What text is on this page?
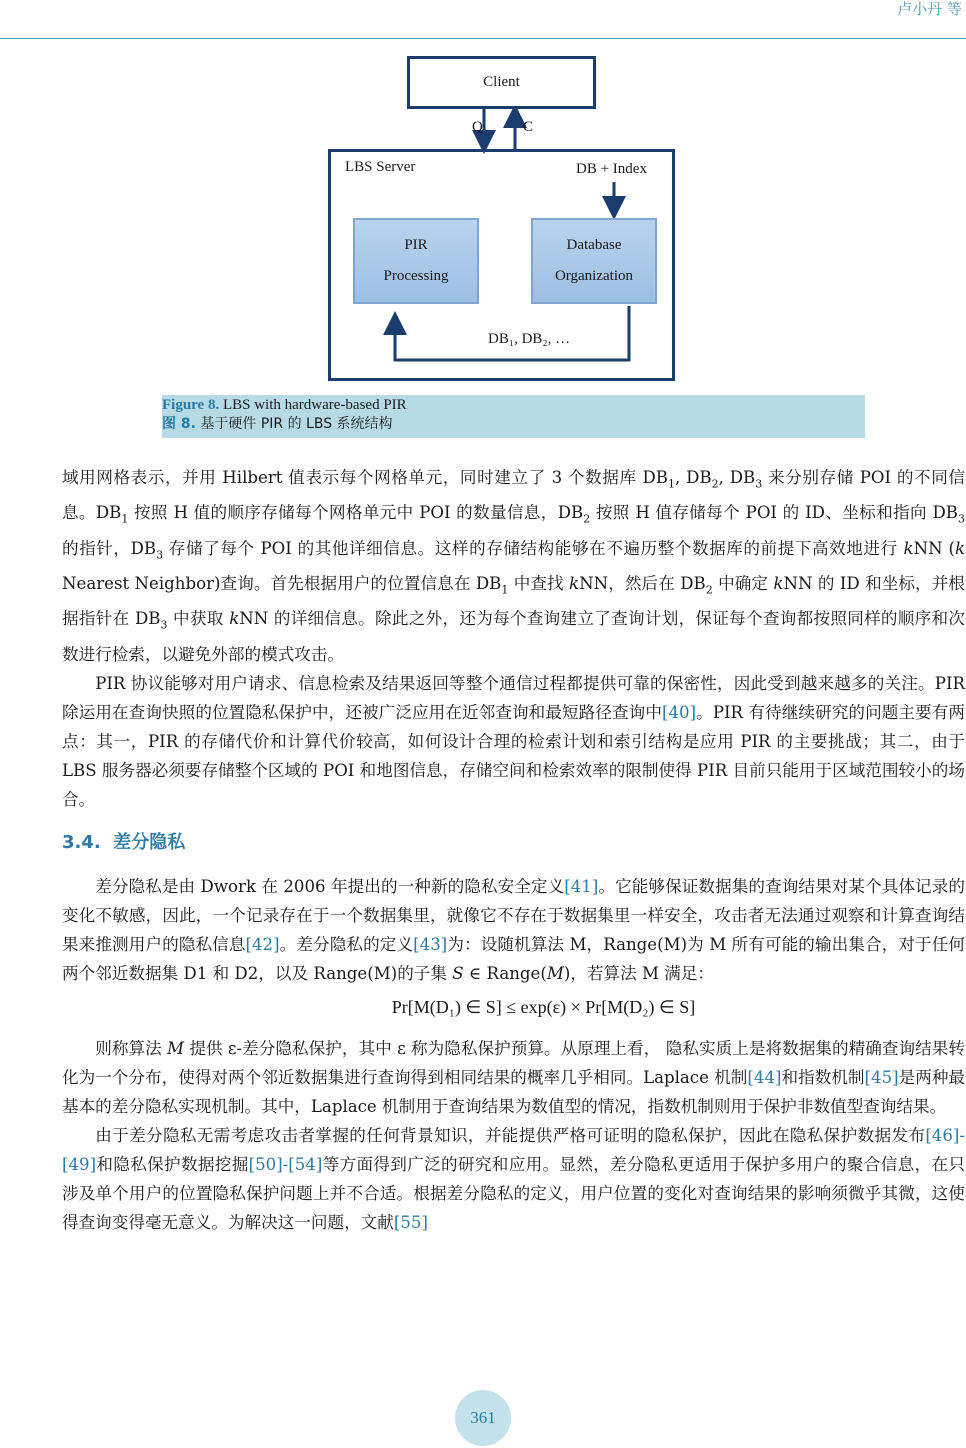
卢小丹 等
Client
Q	C
LBS Server	DB + Index
PIR
Processing
Database
Organization
DB₁, DB₂, …
Figure 8. LBS with hardware-based PIR
图 8. 基于硬件 PIR 的 LBS 系统结构

域用网格表示，并用 Hilbert 值表示每个网格单元，同时建立了 3 个数据库 $DB_1$, $DB_2$, $DB_3$ 来分别存储 POI 的不同信息。$DB_1$ 按照 H 值的顺序存储每个网格单元中 POI 的数量信息，$DB_2$ 按照 H 值存储每个 POI 的 ID、坐标和指向 $DB_3$ 的指针，$DB_3$ 存储了每个 POI 的其他详细信息。这样的存储结构能够在不遍历整个数据库的前提下高效地进行 kNN (k Nearest Neighbor)查询。首先根据用户的位置信息在 $DB_1$ 中查找 kNN，然后在 $DB_2$ 中确定 kNN 的 ID 和坐标，并根据指针在 $DB_3$ 中获取 kNN 的详细信息。除此之外，还为每个查询建立了查询计划，保证每个查询都按照同样的顺序和次数进行检索，以避免外部的模式攻击。

PIR 协议能够对用户请求、信息检索及结果返回等整个通信过程都提供可靠的保密性，因此受到越来越多的关注。PIR 除运用在查询快照的位置隐私保护中，还被广泛应用在近邻查询和最短路径查询中[40]。PIR 有待继续研究的问题主要有两点：其一，PIR 的存储代价和计算代价较高，如何设计合理的检索计划和索引结构是应用 PIR 的主要挑战；其二，由于 LBS 服务器必须要存储整个区域的 POI 和地图信息，存储空间和检索效率的限制使得 PIR 目前只能用于区域范围较小的场合。

3.4. 差分隐私

差分隐私是由 Dwork 在 2006 年提出的一种新的隐私安全定义[41]。它能够保证数据集的查询结果对某个具体记录的变化不敏感，因此，一个记录存在于一个数据集里，就像它不存在于数据集里一样安全，攻击者无法通过观察和计算查询结果来推测用户的隐私信息[42]。差分隐私的定义[43]为：设随机算法 M，Range(M)为 M 所有可能的输出集合，对于任何两个邻近数据集 D1 和 D2，以及 Range(M)的子集 S ∈ Range(M)，若算法 M 满足：

Pr[M(D₁) ∈ S] ≤ exp(ε) × Pr[M(D₂) ∈ S]

则称算法 M 提供 ε-差分隐私保护，其中 ε 称为隐私保护预算。从原理上看， 隐私实质上是将数据集的精确查询结果转化为一个分布，使得对两个邻近数据集进行查询得到相同结果的概率几乎相同。Laplace 机制[44]和指数机制[45]是两种最基本的差分隐私实现机制。其中，Laplace 机制用于查询结果为数值型的情况，指数机制则用于保护非数值型查询结果。

由于差分隐私无需考虑攻击者掌握的任何背景知识，并能提供严格可证明的隐私保护，因此在隐私保护数据发布[46]-[49]和隐私保护数据挖掘[50]-[54]等方面得到广泛的研究和应用。显然，差分隐私更适用于保护多用户的聚合信息，在只涉及单个用户的位置隐私保护问题上并不合适。根据差分隐私的定义，用户位置的变化对查询结果的影响须微乎其微，这使得查询变得毫无意义。为解决这一问题，文献[55]

361
